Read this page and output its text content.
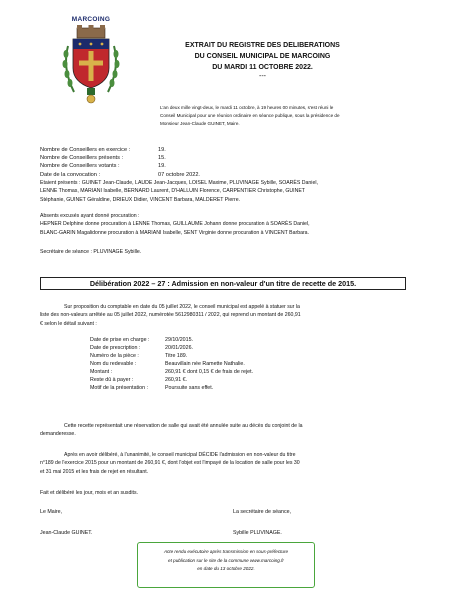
MARCOING
EXTRAIT DU REGISTRE DES DELIBERATIONS
DU CONSEIL MUNICIPAL DE MARCOING
DU MARDI 11 OCTOBRE 2022.
---
L'an deux mille vingt-deux, le mardi 11 octobre, à 19 heures 00 minutes, s'est réuni le
Conseil Municipal pour une réunion ordinaire en séance publique, sous la présidence de
Monsieur Jean-Claude GUINET, Maire.
Nombre de Conseillers en exercice :	19.
Nombre de Conseillers présents :	15.
Nombre de Conseillers votants :	19.
Date de la convocation :	07 octobre 2022.
Etaient présents : GUINET Jean-Claude, LAUDE Jean-Jacques, LOISEL Maxime, PLUVINAGE Sybille, SOARÈS Daniel,
LENNE Thomas, MARIANI Isabelle, BERNARD Laurent, D'HALLUIN Florence, CARPENTIER Christophe, GUINET
Stéphanie, GUINET Géraldine, DRIEUX Didier, VINCENT Barbara, MALDERET Pierre.
Absents excusés ayant donné procuration :
HEPNER Delphine donne procuration à LENNE Thomas, GUILLAUME Johann donne procuration à SOARÈS Daniel,
BLANC-GARIN Magalidonne procuration à MARIANI Isabelle, SENT Virginie donne procuration à VINCENT Barbara.
Secrétaire de séance : PLUVINAGE Sybille.
Délibération 2022 – 27 : Admission en non-valeur d'un titre de recette de 2015.
Sur proposition du comptable en date du 05 juillet 2022, le conseil municipal est appelé à statuer sur la
liste des non-valeurs arrêtée au 05 juillet 2022, numérotée 5612980311 / 2022, qui reprend un montant de 260,91
€ selon le détail suivant :
Date de prise en charge :	29/10/2015.
Date de prescription :	20/01/2026.
Numéro de la pièce :	Titre 189.
Nom du redevable :	Beauvillain née Ramette Nathalie.
Montant :	260,91 € dont 0,15 € de frais de rejet.
Reste dû à payer :	260,91 €.
Motif de la présentation :	Poursuite sans effet.
Cette recette représentait une réservation de salle qui avait été annulée suite au décès du conjoint de la
demanderesse.
Après en avoir délibéré, à l'unanimité, le conseil municipal DÉCIDE l'admission en non-valeur du titre
n°189 de l'exercice 2015 pour un montant de 260,91 €, dont l'objet est l'impayé de la location de salle pour les 30
et 31 mai 2015 et les frais de rejet en résultant.
Fait et délibéré les jour, mois et an susdits.
Le Maire,	La secrétaire de séance,
Jean-Claude GUINET.	Sybille PLUVINAGE.
Acte rendu exécutoire après transmission en sous-préfecture
et publication sur le site de la commune www.marcoing.fr
en date du 13 octobre 2022.
